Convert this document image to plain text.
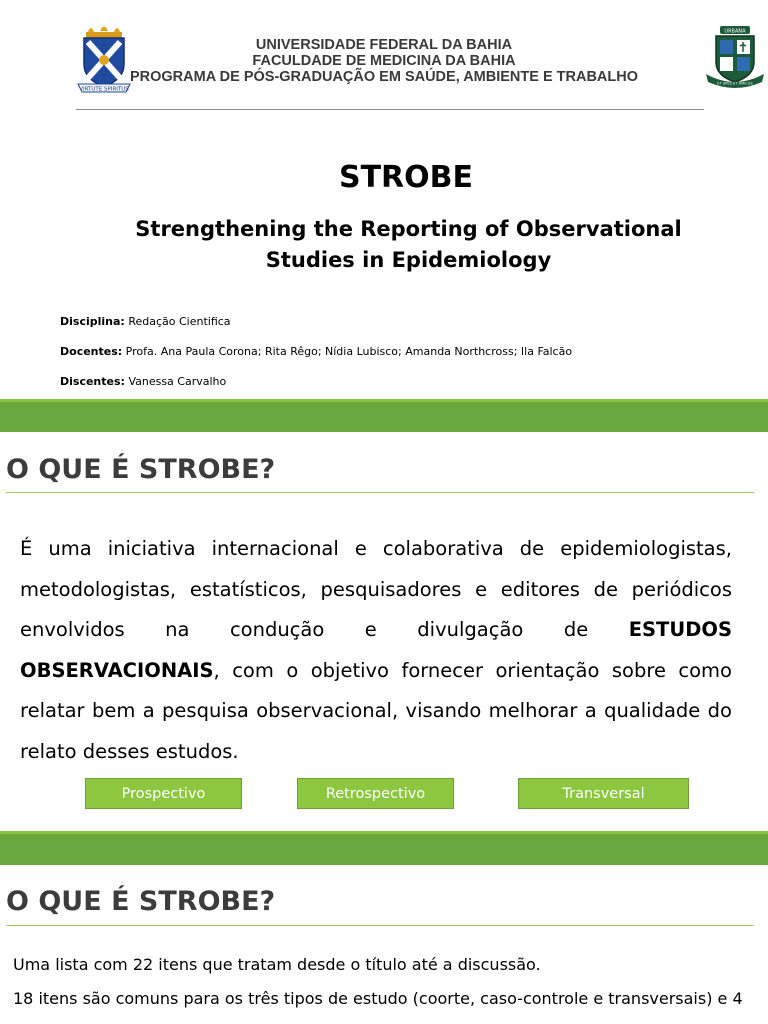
VIRTUTE SPIRITUS
UNIVERSIDADE FEDERAL DA BAHIA
FACULDADE DE MEDICINA DA BAHIA
PROGRAMA DE PÓS-GRADUAÇÃO EM SAÚDE, AMBIENTE E TRABALHO
URBANA
ET SPES ET AMICUS
STROBE
Strengthening the Reporting of Observational Studies in Epidemiology
Disciplina: Redação Cientifica
Docentes: Profa. Ana Paula Corona; Rita Rêgo; Nídia Lubisco; Amanda Northcross; Ila Falcão
Discentes: Vanessa Carvalho
O QUE É STROBE?
É uma iniciativa internacional e colaborativa de epidemiologistas, metodologistas, estatísticos, pesquisadores e editores de periódicos envolvidos na condução e divulgação de ESTUDOS OBSERVACIONAIS, com o objetivo fornecer orientação sobre como relatar bem a pesquisa observacional, visando melhorar a qualidade do relato desses estudos.
Prospectivo	Retrospectivo	Transversal
O QUE É STROBE?
Uma lista com 22 itens que tratam desde o título até a discussão.
18 itens são comuns para os três tipos de estudo (coorte, caso-controle e transversais) e 4
